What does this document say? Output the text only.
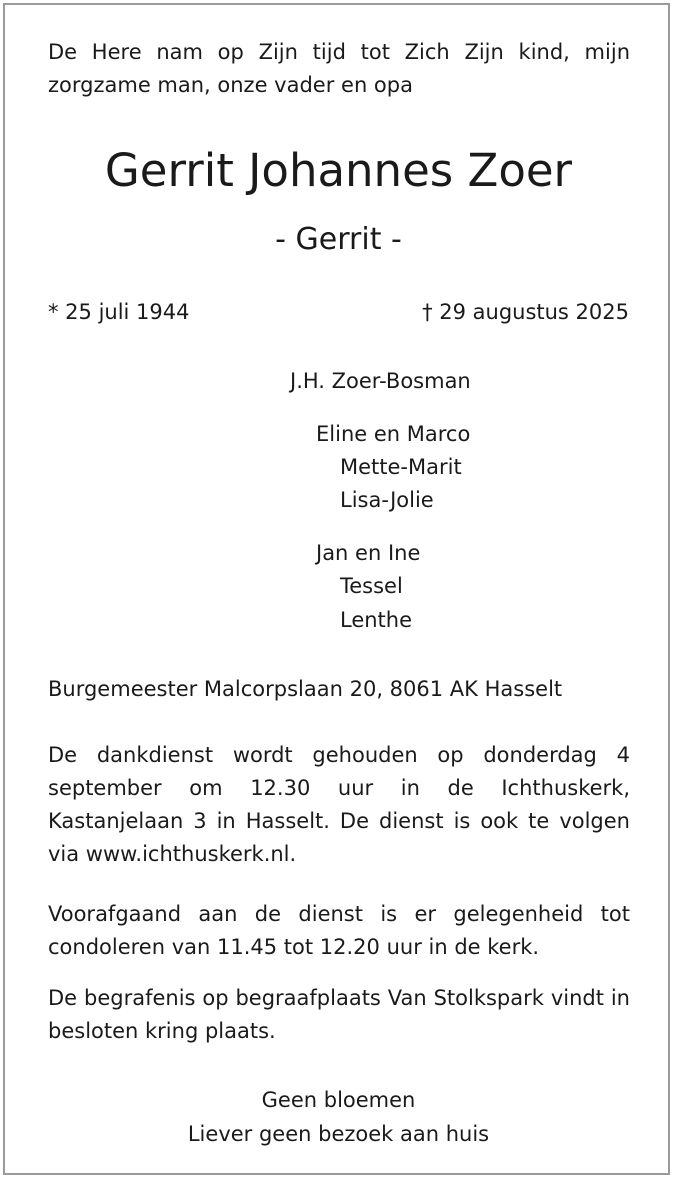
De Here nam op Zijn tijd tot Zich Zijn kind, mijn zorgzame man, onze vader en opa
Gerrit Johannes Zoer
- Gerrit -
* 25 juli 1944	† 29 augustus 2025
J.H. Zoer-Bosman
Eline en Marco
Mette-Marit
Lisa-Jolie
Jan en Ine
Tessel
Lenthe
Burgemeester Malcorpslaan 20, 8061 AK Hasselt
De dankdienst wordt gehouden op donderdag 4 september om 12.30 uur in de Ichthuskerk, Kastanjelaan 3 in Hasselt. De dienst is ook te volgen via www.ichthuskerk.nl.
Voorafgaand aan de dienst is er gelegenheid tot condoleren van 11.45 tot 12.20 uur in de kerk.
De begrafenis op begraafplaats Van Stolkspark vindt in besloten kring plaats.
Geen bloemen
Liever geen bezoek aan huis
